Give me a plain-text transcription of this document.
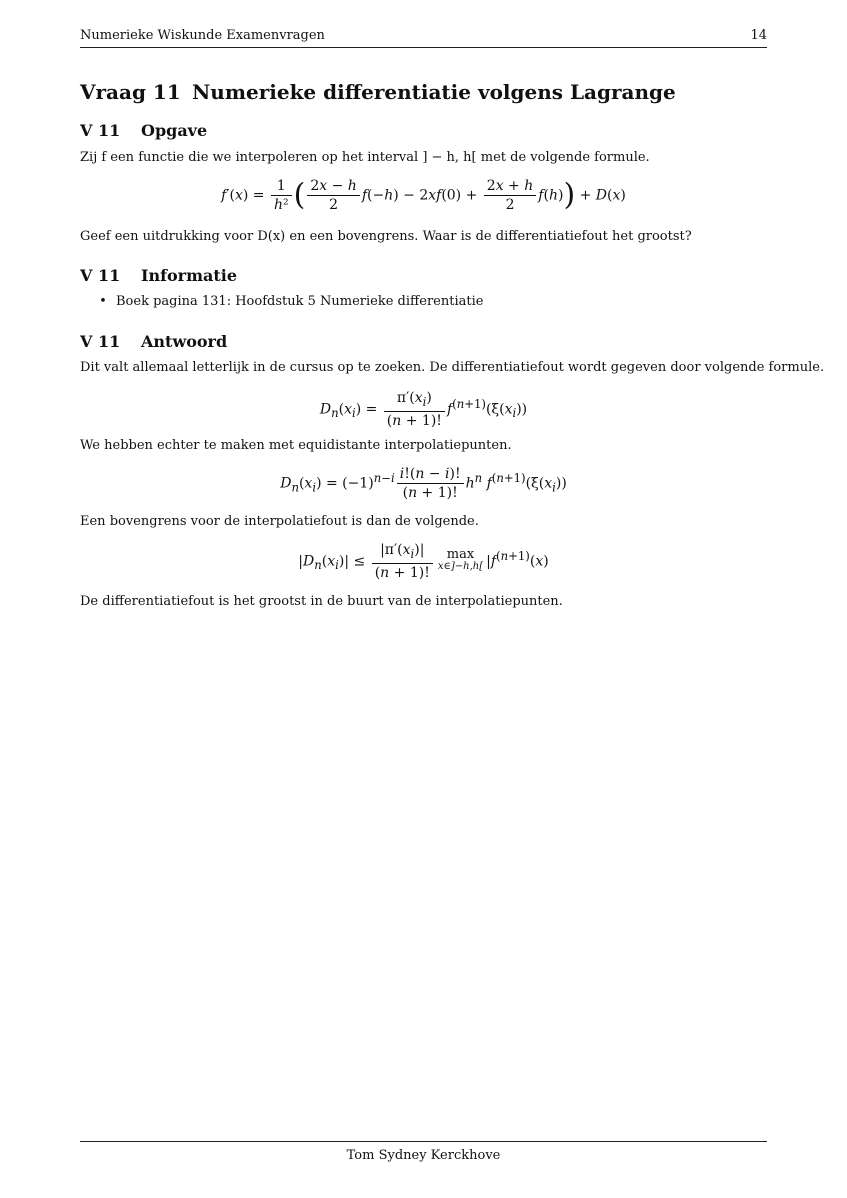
Numerieke Wiskunde Examenvragen	14
Vraag 11 Numerieke differentiatie volgens Lagrange
V 11 Opgave
Zij f een functie die we interpoleren op het interval ] − h, h[ met de volgende formule.
$f'(x) = \frac{1}{\text{h²}}$ ( $\frac{2x - h}{2} f(-h) - 2xf(0) + \frac{2x + h}{2} f(h)) + D(x)$
Geef een uitdrukking voor D(x) en een bovengrens. Waar is de differentiatiefout het grootst?
V 11 Informatie
• Boek pagina 131: Hoofdstuk 5 Numerieke differentiatie
V 11 Antwoord
Dit valt allemaal letterlijk in de cursus op te zoeken. De differentiatiefout wordt gegeven door volgende formule.
$D_n(x_i) = \frac{\pi'(x_i)}{(n + 1)!} f^{(n+1)}(\xi(x_i))$
We hebben echter te maken met equidistante interpolatiepunten.
$D_n(x_i) = (-1)^{n-i} \frac{i!(n - i)!}{(n + 1)!} h^n$ $f^{(n+1)}(\xi(x_i))$
Een bovengrens voor de interpolatiefout is dan de volgende.
$|D_n(x_i)| \le \frac{|\pi'(x_i)|}{(n + 1)!}$	max
x∈]−h,h[ $|f^{(n+1)}(x)$
De differentiatiefout is het grootst in de buurt van de interpolatiepunten.
Tom Sydney Kerckhove
